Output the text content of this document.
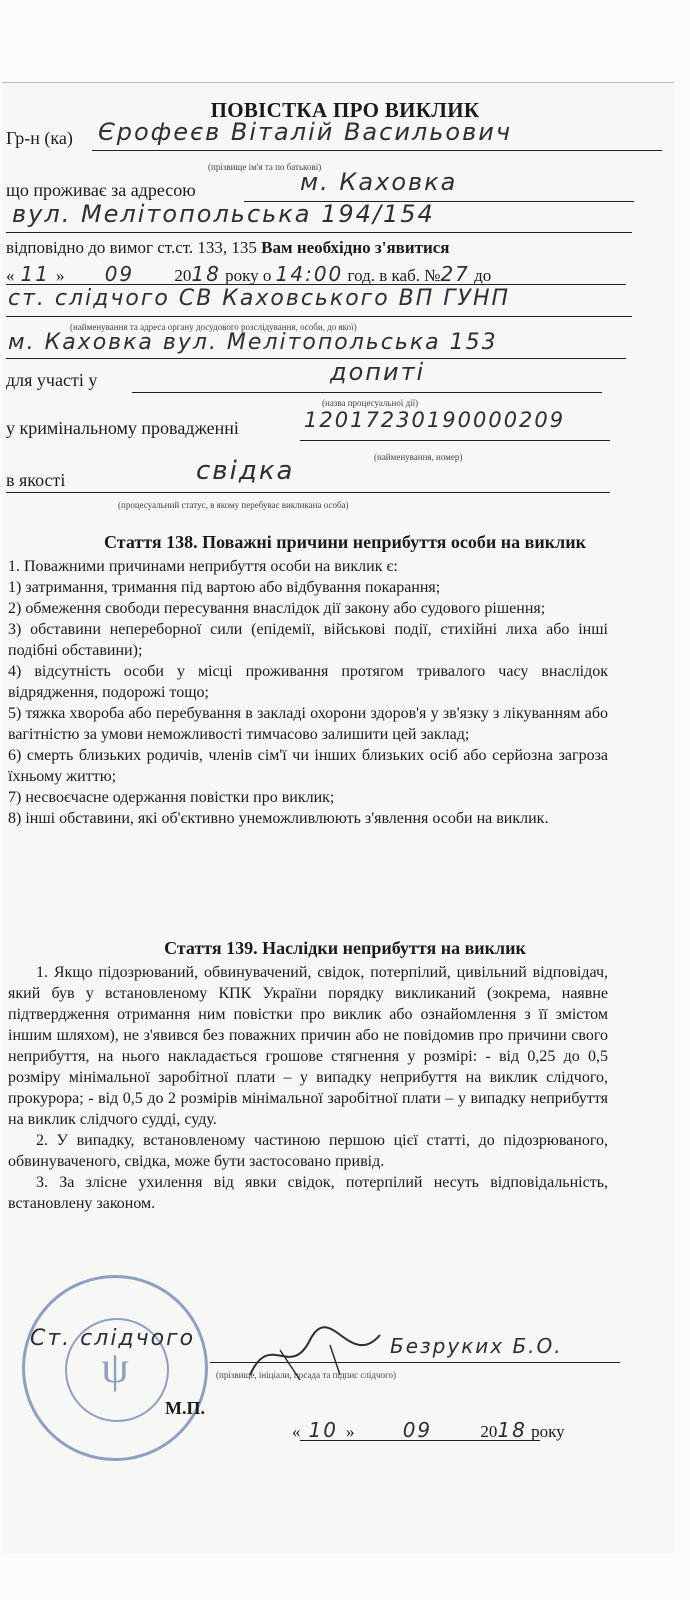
ПОВІСТКА ПРО ВИКЛИК
Гр-н (ка) Єрофеєв Віталій Васильович
(прізвище ім'я та по батькові)
що проживає за адресою	м. Каховка
вул. Мелітопольська 194/154
відповідно до вимог ст.ст. 133, 135 Вам необхідно з'явитися
« 11 » 09 2018 року о 14:00 год. в каб. №27 до
ст. слідчого СВ Каховського ВП ГУНП
(найменування та адреса органу досудового розслідування, особи, до якої)
м. Каховка вул. Мелітопольська 153
для участі у	допиті
(назва процесуальної дії)
у кримінальному провадженні	12017230190000209
(найменування, номер)
в якості	свідка
(процесуальний статус, в якому перебуває викликана особа)
Стаття 138. Поважні причини неприбуття особи на виклик

1. Поважними причинами неприбуття особи на виклик є:

1) затримання, тримання під вартою або відбування покарання;

2) обмеження свободи пересування внаслідок дії закону або судового рішення;

3) обставини непереборної сили (епідемії, військові події, стихійні лиха або інші подібні обставини);

4) відсутність особи у місці проживання протягом тривалого часу внаслідок відрядження, подорожі тощо;

5) тяжка хвороба або перебування в закладі охорони здоров'я у зв'язку з лікуванням або вагітністю за умови неможливості тимчасово залишити цей заклад;

6) смерть близьких родичів, членів сім'ї чи інших близьких осіб або серйозна загроза їхньому життю;

7) несвоєчасне одержання повістки про виклик;

8) інші обставини, які об'єктивно унеможливлюють з'явлення особи на виклик.

Стаття 139. Наслідки неприбуття на виклик

1. Якщо підозрюваний, обвинувачений, свідок, потерпілий, цивільний відповідач, який був у встановленому КПК України порядку викликаний (зокрема, наявне підтвердження отримання ним повістки про виклик або ознайомлення з її змістом іншим шляхом), не з'явився без поважних причин або не повідомив про причини свого неприбуття, на нього накладається грошове стягнення у розмірі: - від 0,25 до 0,5 розміру мінімальної заробітної плати – у випадку неприбуття на виклик слідчого, прокурора; - від 0,5 до 2 розмірів мінімальної заробітної плати – у випадку неприбуття на виклик слідчого судді, суду.

2. У випадку, встановленому частиною першою цієї статті, до підозрюваного, обвинуваченого, свідка, може бути застосовано привід.

3. За злісне ухилення від явки свідок, потерпілий несуть відповідальність, встановлену законом.

ψ
Ст. слідчого	Безруких Б.О.
(прізвище, ініціали, посада та підпис слідчого)
М.П.
« 10 » 09	2018 року
